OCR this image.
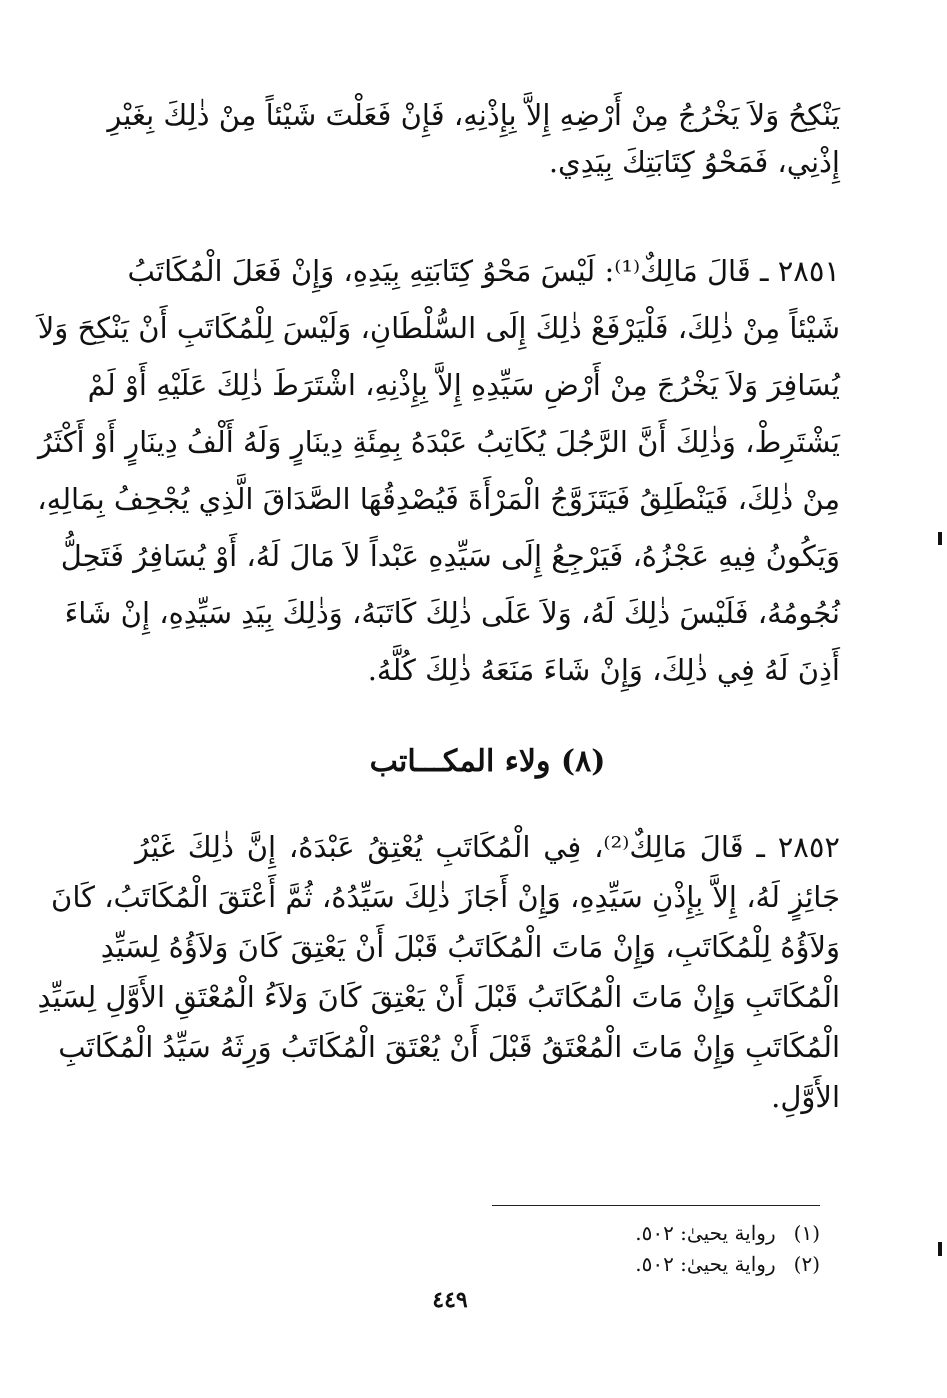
يَنْكِحُ وَلاَ يَخْرُجُ مِنْ أَرْضِهِ إِلاَّ بِإِذْنِهِ، فَإِنْ فَعَلْتَ شَيْئاً مِنْ ذٰلِكَ بِغَيْرِ
إِذْنِي، فَمَحْوُ كِتَابَتِكَ بِيَدِي.
٢٨٥١ ـ قَالَ مَالِكٌ⁽¹⁾: لَيْسَ مَحْوُ كِتَابَتِهِ بِيَدِهِ، وَإِنْ فَعَلَ الْمُكَاتَبُ
شَيْئاً مِنْ ذٰلِكَ، فَلْيَرْفَعْ ذٰلِكَ إِلَى السُّلْطَانِ، وَلَيْسَ لِلْمُكَاتَبِ أَنْ يَنْكِحَ وَلاَ
يُسَافِرَ وَلاَ يَخْرُجَ مِنْ أَرْضِ سَيِّدِهِ إِلاَّ بِإِذْنِهِ، اشْتَرَطَ ذٰلِكَ عَلَيْهِ أَوْ لَمْ
يَشْتَرِطْ، وَذٰلِكَ أَنَّ الرَّجُلَ يُكَاتِبُ عَبْدَهُ بِمِئَةِ دِينَارٍ وَلَهُ أَلْفُ دِينَارٍ أَوْ أَكْثَرُ
مِنْ ذٰلِكَ، فَيَنْطَلِقُ فَيَتَزَوَّجُ الْمَرْأَةَ فَيُصْدِقُهَا الصَّدَاقَ الَّذِي يُجْحِفُ بِمَالِهِ،
وَيَكُونُ فِيهِ عَجْزُهُ، فَيَرْجِعُ إِلَى سَيِّدِهِ عَبْداً لاَ مَالَ لَهُ، أَوْ يُسَافِرُ فَتَحِلُّ
نُجُومُهُ، فَلَيْسَ ذٰلِكَ لَهُ، وَلاَ عَلَى ذٰلِكَ كَاتَبَهُ، وَذٰلِكَ بِيَدِ سَيِّدِهِ، إِنْ شَاءَ
أَذِنَ لَهُ فِي ذٰلِكَ، وَإِنْ شَاءَ مَنَعَهُ ذٰلِكَ كُلَّهُ.
(٨) ولاء المكـــاتب
٢٨٥٢ ـ قَالَ مَالِكٌ⁽²⁾، فِي الْمُكَاتَبِ يُعْتِقُ عَبْدَهُ، إِنَّ ذٰلِكَ غَيْرُ
جَائِزٍ لَهُ، إِلاَّ بِإِذْنِ سَيِّدِهِ، وَإِنْ أَجَازَ ذٰلِكَ سَيِّدُهُ، ثُمَّ أَعْتَقَ الْمُكَاتَبُ، كَانَ
وَلاَؤُهُ لِلْمُكَاتَبِ، وَإِنْ مَاتَ الْمُكَاتَبُ قَبْلَ أَنْ يَعْتِقَ كَانَ وَلاَؤُهُ لِسَيِّدِ
الْمُكَاتَبِ وَإِنْ مَاتَ الْمُكَاتَبُ قَبْلَ أَنْ يَعْتِقَ كَانَ وَلاَءُ الْمُعْتَقِ الأَوَّلِ لِسَيِّدِ
الْمُكَاتَبِ وَإِنْ مَاتَ الْمُعْتَقُ قَبْلَ أَنْ يُعْتَقَ الْمُكَاتَبُ وَرِثَهُ سَيِّدُ الْمُكَاتَبِ
الأَوَّلِ.
(١)رواية يحيىٰ: ٥٠٢.
(٢)رواية يحيىٰ: ٥٠٢.
٤٤٩
